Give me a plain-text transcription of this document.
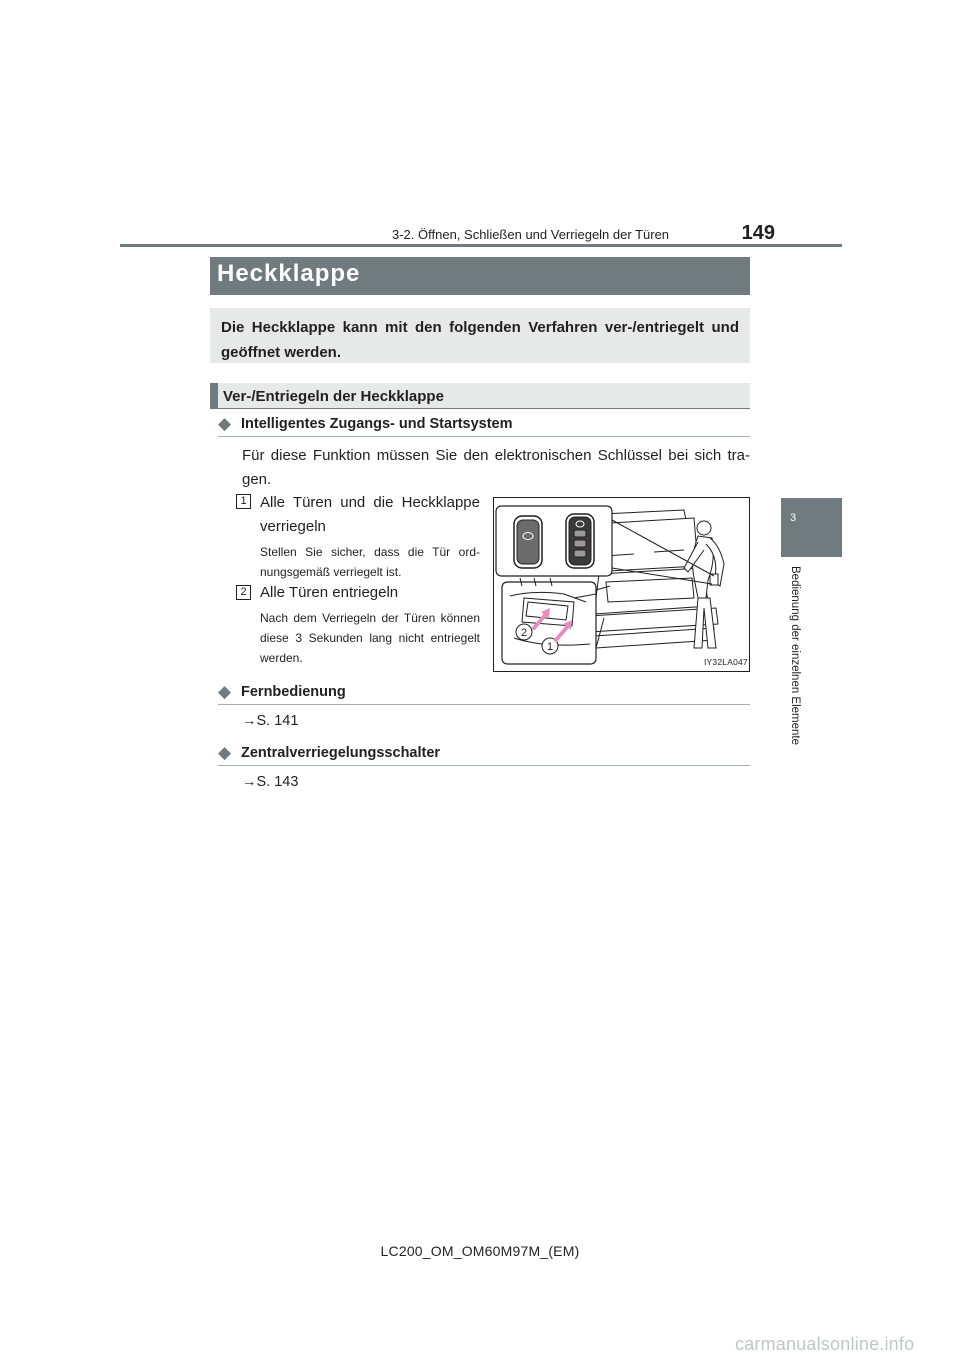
3-2. Öffnen, Schließen und Verriegeln der Türen	149
3
Bedienung der einzelnen Elemente
Heckklappe
Die Heckklappe kann mit den folgenden Verfahren ver-/entriegelt und geöffnet werden.
Ver-/Entriegeln der Heckklappe
◆ Intelligentes Zugangs- und Startsystem
Für diese Funktion müssen Sie den elektronischen Schlüssel bei sich tra-gen.
1 Alle Türen und die Heckklappe verriegeln
Stellen Sie sicher, dass die Tür ord-nungsgemäß verriegelt ist.
2 Alle Türen entriegeln
Nach dem Verriegeln der Türen können diese 3 Sekunden lang nicht entriegelt werden.
2
1
IY32LA047
◆ Fernbedienung
→S. 141
◆ Zentralverriegelungsschalter
→S. 143
LC200_OM_OM60M97M_(EM)
carmanualsonline.info
